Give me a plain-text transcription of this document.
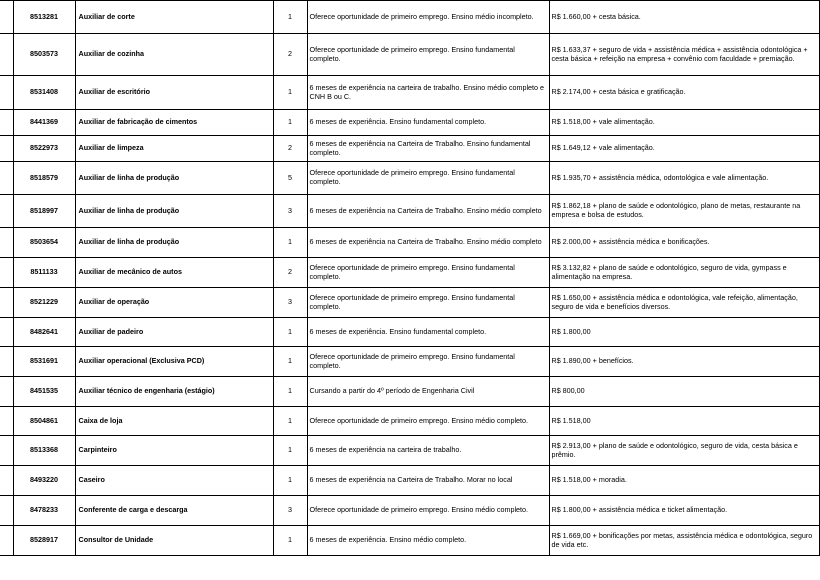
	8513281	Auxiliar de corte	1	Oferece oportunidade de primeiro emprego. Ensino médio incompleto.	R$ 1.660,00 + cesta básica.
	8503573	Auxiliar de cozinha	2	Oferece oportunidade de primeiro emprego. Ensino fundamental completo.	R$ 1.633,37 + seguro de vida + assistência médica + assistência odontológica + cesta básica + refeição na empresa + convênio com faculdade + premiação.
	8531408	Auxiliar de escritório	1	6 meses de experiência na carteira de trabalho. Ensino médio completo e CNH B ou C.	R$ 2.174,00 + cesta básica e gratificação.
	8441369	Auxiliar de fabricação de cimentos	1	6 meses de experiência. Ensino fundamental completo.	R$ 1.518,00 + vale alimentação.
	8522973	Auxiliar de limpeza	2	6 meses de experiência na Carteira de Trabalho. Ensino fundamental completo.	R$ 1.649,12 + vale alimentação.
	8518579	Auxiliar de linha de produção	5	Oferece oportunidade de primeiro emprego. Ensino fundamental completo.	R$ 1.935,70 + assistência médica, odontológica e vale alimentação.
	8518997	Auxiliar de linha de produção	3	6 meses de experiência na Carteira de Trabalho. Ensino médio completo	R$ 1.862,18 + plano de saúde e odontológico, plano de metas, restaurante na empresa e bolsa de estudos.
	8503654	Auxiliar de linha de produção	1	6 meses de experiência na Carteira de Trabalho. Ensino médio completo	R$ 2.000,00 + assistência médica e bonificações.
	8511133	Auxiliar de mecânico de autos	2	Oferece oportunidade de primeiro emprego. Ensino fundamental completo.	R$ 3.132,82 + plano de saúde e odontológico, seguro de vida, gympass e alimentação na empresa.
	8521229	Auxiliar de operação	3	Oferece oportunidade de primeiro emprego. Ensino fundamental completo.	R$ 1.650,00 + assistência médica e odontológica, vale refeição, alimentação, seguro de vida e benefícios diversos.
	8482641	Auxiliar de padeiro	1	6 meses de experiência. Ensino fundamental completo.	R$ 1.800,00
	8531691	Auxiliar operacional (Exclusiva PCD)	1	Oferece oportunidade de primeiro emprego. Ensino fundamental completo.	R$ 1.890,00 + benefícios.
	8451535	Auxiliar técnico de engenharia (estágio)	1	Cursando a partir do 4º período de Engenharia Civil	R$ 800,00
	8504861	Caixa de loja	1	Oferece oportunidade de primeiro emprego. Ensino médio completo.	R$ 1.518,00
	8513368	Carpinteiro	1	6 meses de experiência na carteira de trabalho.	R$ 2.913,00 + plano de saúde e odontológico, seguro de vida, cesta básica e prêmio.
	8493220	Caseiro	1	6 meses de experiência na Carteira de Trabalho. Morar no local	R$ 1.518,00 + moradia.
	8478233	Conferente de carga e descarga	3	Oferece oportunidade de primeiro emprego. Ensino médio completo.	R$ 1.800,00 + assistência médica e ticket alimentação.
	8528917	Consultor de Unidade	1	6 meses de experiência. Ensino médio completo.	R$ 1.669,00 + bonificações por metas, assistência médica e odontológica, seguro de vida etc.
